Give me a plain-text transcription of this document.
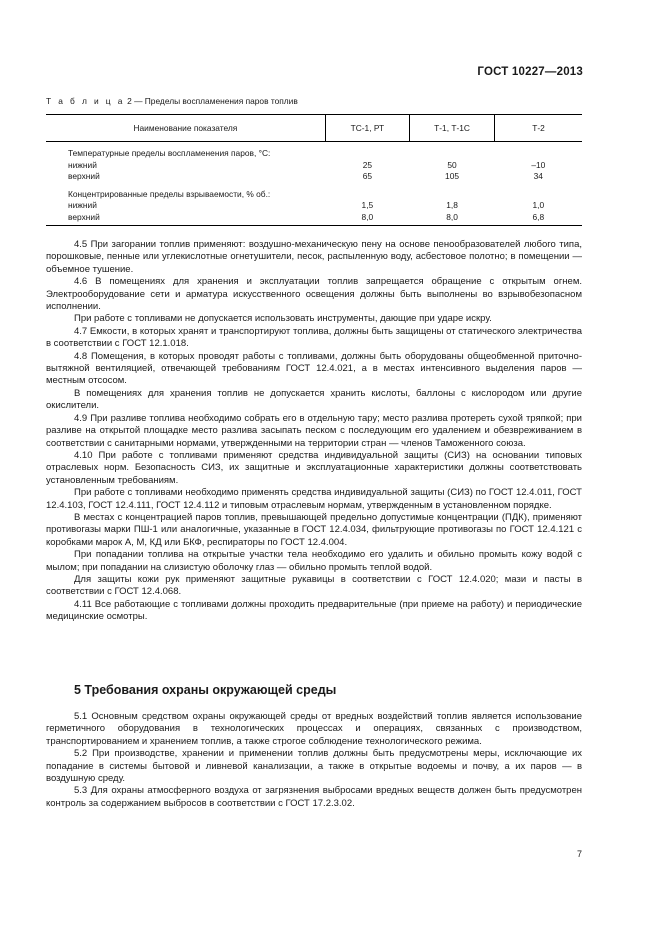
ГОСТ 10227—2013
Т а б л и ц а 2 — Пределы воспламенения паров топлив
Наименование показателя	ТС-1, РТ	Т-1, Т-1С	Т-2
Температурные пределы воспламенения паров, °С:			
нижний	25	50	–10
верхний	65	105	34
Концентрированные пределы взрываемости, % об.:			
нижний	1,5	1,8	1,0
верхний	8,0	8,0	6,8

4.5 При загорании топлив применяют: воздушно-механическую пену на основе пенообразователей любого типа, порошковые, пенные или углекислотные огнетушители, песок, распыленную воду, асбестовое полотно; в помещении — объемное тушение.

4.6 В помещениях для хранения и эксплуатации топлив запрещается обращение с открытым огнем. Электрооборудование сети и арматура искусственного освещения должны быть выполнены во взрывобезопасном исполнении.

При работе с топливами не допускается использовать инструменты, дающие при ударе искру.

4.7 Емкости, в которых хранят и транспортируют топлива, должны быть защищены от статического электричества в соответствии с ГОСТ 12.1.018.

4.8 Помещения, в которых проводят работы с топливами, должны быть оборудованы общеобменной приточно-вытяжной вентиляцией, отвечающей требованиям ГОСТ 12.4.021, а в местах интенсивного выделения паров — местным отсосом.

В помещениях для хранения топлив не допускается хранить кислоты, баллоны с кислородом или другие окислители.

4.9 При разливе топлива необходимо собрать его в отдельную тару; место разлива протереть сухой тряпкой; при разливе на открытой площадке место разлива засыпать песком с последующим его удалением и обезвреживанием в соответствии с санитарными нормами, утвержденными на территории стран — членов Таможенного союза.

4.10 При работе с топливами применяют средства индивидуальной защиты (СИЗ) на основании типовых отраслевых норм. Безопасность СИЗ, их защитные и эксплуатационные характеристики должны соответствовать установленным требованиям.

При работе с топливами необходимо применять средства индивидуальной защиты (СИЗ) по ГОСТ 12.4.011, ГОСТ 12.4.103, ГОСТ 12.4.111, ГОСТ 12.4.112 и типовым отраслевым нормам, утвержденным в установленном порядке.

В местах с концентрацией паров топлив, превышающей предельно допустимые концентрации (ПДК), применяют противогазы марки ПШ-1 или аналогичные, указанные в ГОСТ 12.4.034, фильтрующие противогазы по ГОСТ 12.4.121 с коробками марок А, М, КД или БКФ, респираторы по ГОСТ 12.4.004.

При попадании топлива на открытые участки тела необходимо его удалить и обильно промыть кожу водой с мылом; при попадании на слизистую оболочку глаз — обильно промыть теплой водой.

Для защиты кожи рук применяют защитные рукавицы в соответствии с ГОСТ 12.4.020; мази и пасты в соответствии с ГОСТ 12.4.068.

4.11 Все работающие с топливами должны проходить предварительные (при приеме на работу) и периодические медицинские осмотры.

5 Требования охраны окружающей среды

5.1 Основным средством охраны окружающей среды от вредных воздействий топлив является использование герметичного оборудования в технологических процессах и операциях, связанных с производством, транспортированием и хранением топлив, а также строгое соблюдение технологического режима.

5.2 При производстве, хранении и применении топлив должны быть предусмотрены меры, исключающие их попадание в системы бытовой и ливневой канализации, а также в открытые водоемы и почву, а их паров — в воздушную среду.

5.3 Для охраны атмосферного воздуха от загрязнения выбросами вредных веществ должен быть предусмотрен контроль за содержанием выбросов в соответствии с ГОСТ 17.2.3.02.

7
